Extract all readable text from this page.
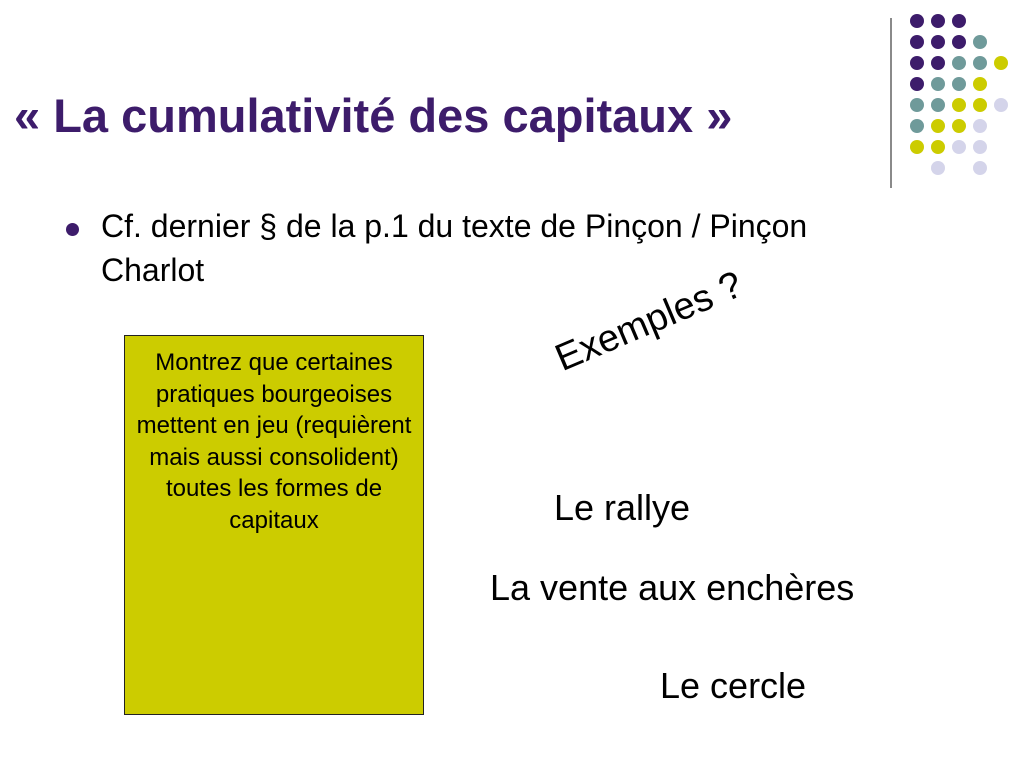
« La cumulativité des capitaux »
Cf. dernier § de la p.1 du texte de Pinçon / Pinçon Charlot
Montrez que certaines pratiques bourgeoises mettent en jeu (requièrent mais aussi consolident) toutes les formes de capitaux
Exemples ?
Le rallye
La vente aux enchères
Le cercle
